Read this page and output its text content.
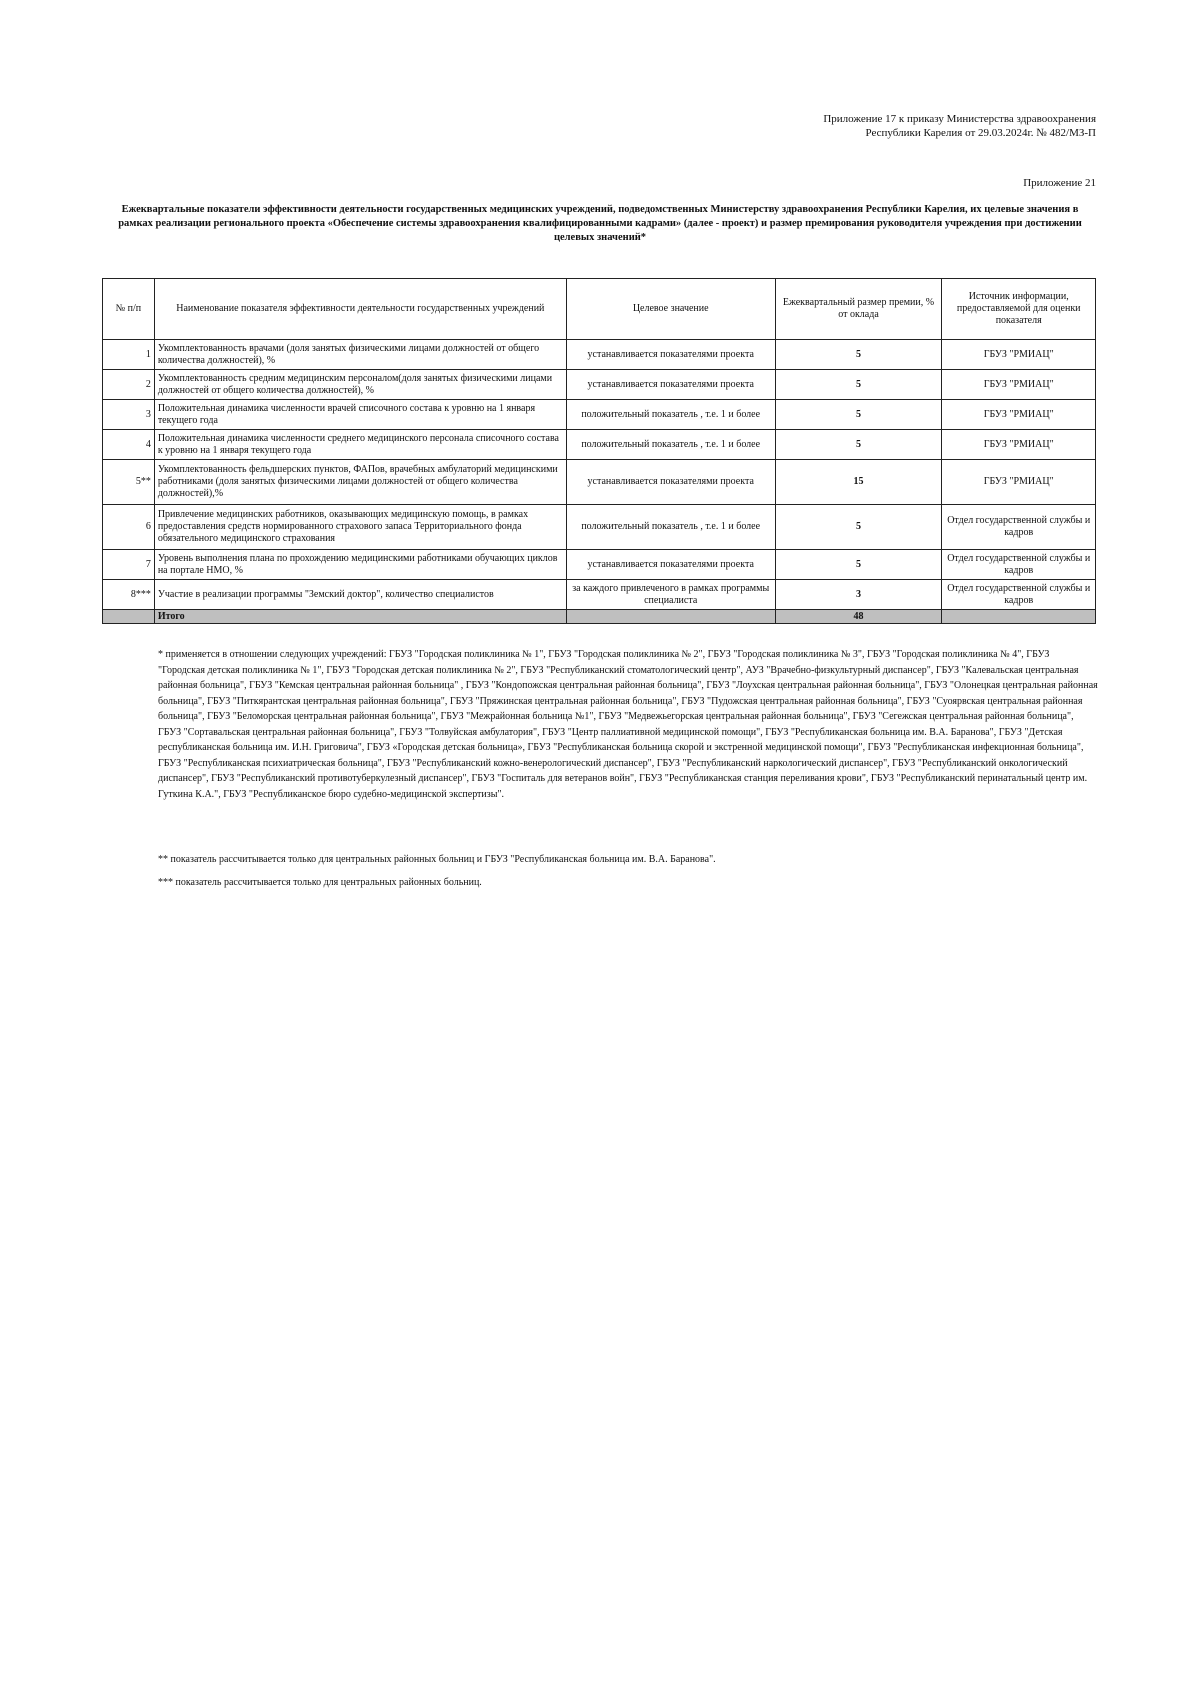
Приложение 17 к приказу Министерства здравоохранения
Республики Карелия от 29.03.2024г. № 482/МЗ-П
Приложение 21
Ежеквартальные показатели эффективности деятельности государственных медицинских учреждений, подведомственных Министерству здравоохранения Республики Карелия, их целевые значения в рамках реализации регионального проекта «Обеспечение системы здравоохранения квалифицированными кадрами» (далее - проект) и размер премирования руководителя учреждения при достижении целевых значений*
№ п/п	Наименование показателя эффективности деятельности государственных учреждений	Целевое значение	Ежеквартальный размер премии, % от оклада	Источник информации, предоставляемой для оценки показателя
1	Укомплектованность врачами (доля занятых физическими лицами должностей от общего количества должностей), %	устанавливается показателями проекта	5	ГБУЗ "РМИАЦ"
2	Укомплектованность средним медицинским персоналом(доля занятых физическими лицами должностей от общего количества должностей), %	устанавливается показателями проекта	5	ГБУЗ "РМИАЦ"
3	Положительная динамика численности врачей списочного состава к уровню на 1 января текущего года	положительный показатель , т.е. 1 и более	5	ГБУЗ "РМИАЦ"
4	Положительная динамика численности среднего медицинского персонала списочного состава к уровню на 1 января текущего года	положительный показатель , т.е. 1 и более	5	ГБУЗ "РМИАЦ"
5**	Укомплектованность фельдшерских пунктов, ФАПов, врачебных амбулаторий медицинскими работниками (доля занятых физическими лицами должностей от общего количества должностей),%	устанавливается показателями проекта	15	ГБУЗ "РМИАЦ"
6	Привлечение медицинских работников, оказывающих медицинскую помощь, в рамках предоставления средств нормированного страхового запаса Территориального фонда обязательного медицинского страхования	положительный показатель , т.е. 1 и более	5	Отдел государственной службы и кадров
7	Уровень выполнения плана по прохождению медицинскими работниками обучающих циклов на портале НМО, %	устанавливается показателями проекта	5	Отдел государственной службы и кадров
8***	Участие в реализации программы "Земский доктор", количество специалистов	за каждого привлеченого в рамках программы специалиста	3	Отдел государственной службы и кадров
	Итого		48	
* применяется в отношении следующих учреждений: ГБУЗ "Городская поликлиника № 1", ГБУЗ "Городская поликлиника № 2", ГБУЗ "Городская поликлиника № 3", ГБУЗ "Городская поликлиника № 4", ГБУЗ "Городская детская поликлиника № 1", ГБУЗ "Городская детская поликлиника № 2", ГБУЗ "Республиканский стоматологический центр", АУЗ "Врачебно-физкультурный диспансер", ГБУЗ "Калевальская центральная районная больница", ГБУЗ "Кемская центральная районная больница" , ГБУЗ "Кондопожская центральная районная больница", ГБУЗ "Лоухская центральная районная больница", ГБУЗ "Олонецкая центральная районная больница", ГБУЗ "Питкярантская центральная районная больница", ГБУЗ "Пряжинская центральная районная больница", ГБУЗ "Пудожская центральная районная больница", ГБУЗ "Суоярвская центральная районная больница", ГБУЗ "Беломорская центральная районная больница", ГБУЗ "Межрайонная больница №1", ГБУЗ "Медвежьегорская центральная районная больница", ГБУЗ "Сегежская центральная районная больница", ГБУЗ "Сортавальская центральная районная больница", ГБУЗ "Толвуйская амбулатория", ГБУЗ "Центр паллиативной медицинской помощи", ГБУЗ "Республиканская больница им. В.А. Баранова", ГБУЗ "Детская республиканская больница им. И.Н. Григовича", ГБУЗ «Городская детская больница», ГБУЗ "Республиканская больница скорой и экстренной медицинской помощи", ГБУЗ "Республиканская инфекционная больница", ГБУЗ "Республиканская психиатрическая больница", ГБУЗ "Республиканский кожно-венерологический диспансер", ГБУЗ "Республиканский наркологический диспансер", ГБУЗ "Республиканский онкологический диспансер", ГБУЗ "Республиканский противотуберкулезный диспансер", ГБУЗ "Госпиталь для ветеранов войн", ГБУЗ "Республиканская станция переливания крови", ГБУЗ "Республиканский перинатальный центр им. Гуткина К.А.", ГБУЗ "Республиканское бюро судебно-медицинской экспертизы".
** показатель рассчитывается только для центральных районных больниц и ГБУЗ "Республиканская больница им. В.А. Баранова".
*** показатель рассчитывается только для центральных районных больниц.
